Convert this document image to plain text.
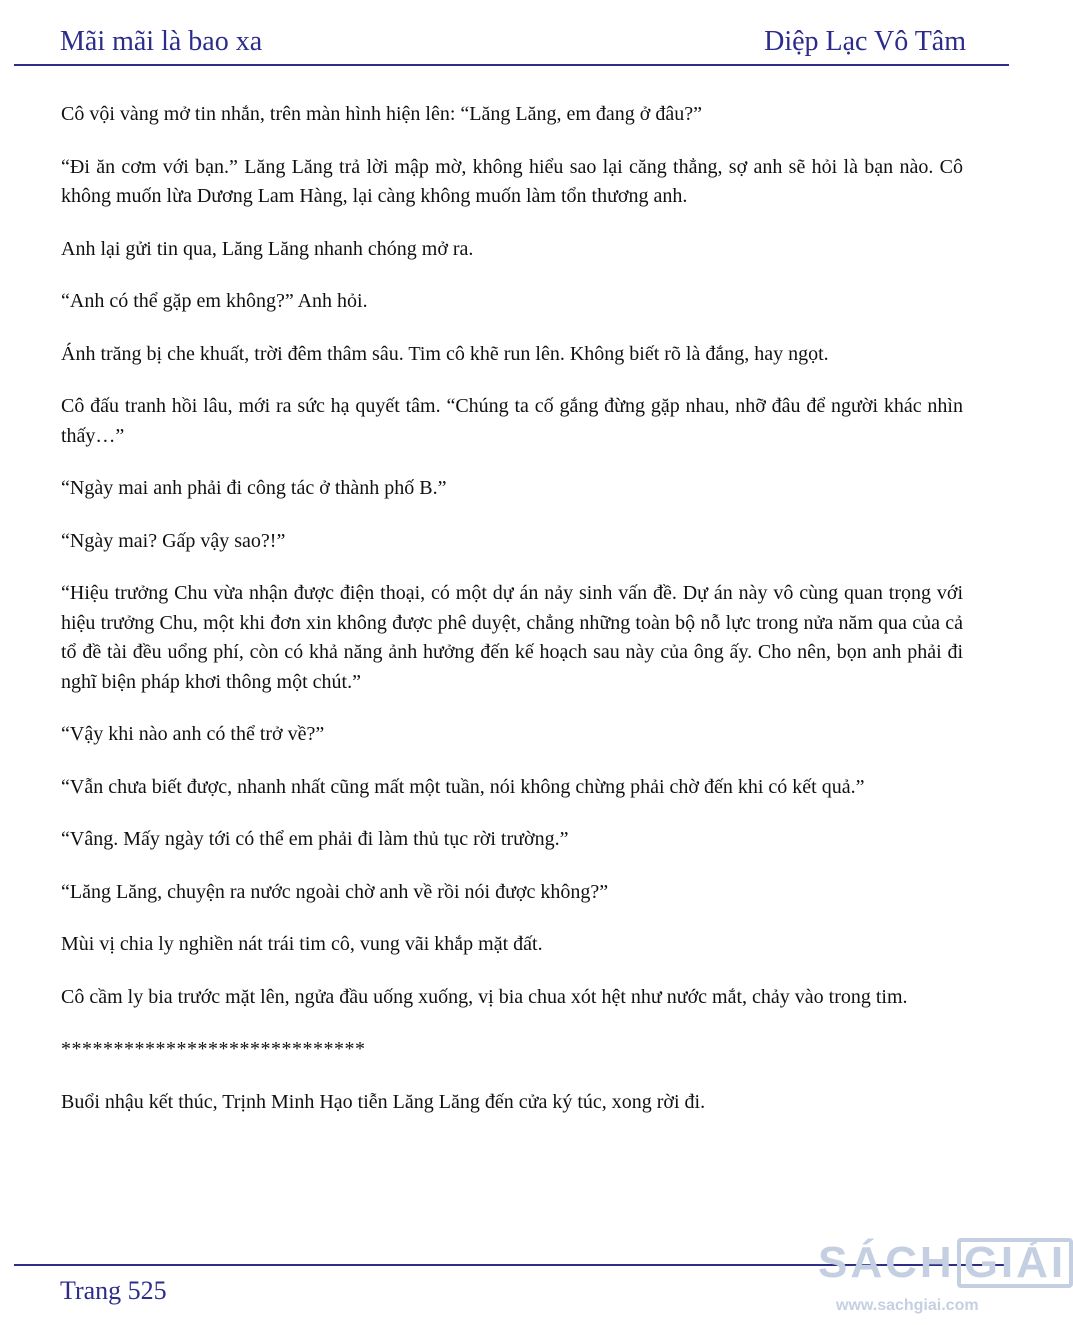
Mãi mãi là bao xa	Diệp Lạc Vô Tâm

Cô vội vàng mở tin nhắn, trên màn hình hiện lên: “Lăng Lăng, em đang ở đâu?”

“Đi ăn cơm với bạn.” Lăng Lăng trả lời mập mờ, không hiểu sao lại căng thẳng, sợ anh sẽ hỏi là bạn nào. Cô không muốn lừa Dương Lam Hàng, lại càng không muốn làm tổn thương anh.

Anh lại gửi tin qua, Lăng Lăng nhanh chóng mở ra.

“Anh có thể gặp em không?” Anh hỏi.

Ánh trăng bị che khuất, trời đêm thâm sâu. Tim cô khẽ run lên. Không biết rõ là đắng, hay ngọt.

Cô đấu tranh hồi lâu, mới ra sức hạ quyết tâm. “Chúng ta cố gắng đừng gặp nhau, nhỡ đâu để người khác nhìn thấy…”

“Ngày mai anh phải đi công tác ở thành phố B.”

“Ngày mai? Gấp vậy sao?!”

“Hiệu trưởng Chu vừa nhận được điện thoại, có một dự án nảy sinh vấn đề. Dự án này vô cùng quan trọng với hiệu trưởng Chu, một khi đơn xin không được phê duyệt, chẳng những toàn bộ nỗ lực trong nửa năm qua của cả tổ đề tài đều uổng phí, còn có khả năng ảnh hưởng đến kế hoạch sau này của ông ấy. Cho nên, bọn anh phải đi nghĩ biện pháp khơi thông một chút.”

“Vậy khi nào anh có thể trở về?”

“Vẫn chưa biết được, nhanh nhất cũng mất một tuần, nói không chừng phải chờ đến khi có kết quả.”

“Vâng. Mấy ngày tới có thể em phải đi làm thủ tục rời trường.”

“Lăng Lăng, chuyện ra nước ngoài chờ anh về rồi nói được không?”

Mùi vị chia ly nghiền nát trái tim cô, vung vãi khắp mặt đất.

Cô cầm ly bia trước mặt lên, ngửa đầu uống xuống, vị bia chua xót hệt như nước mắt, chảy vào trong tim.

*****************************

Buổi nhậu kết thúc, Trịnh Minh Hạo tiễn Lăng Lăng đến cửa ký túc, xong rời đi.

Trang 525
SÁCH GIẢI
www.sachgiai.com
